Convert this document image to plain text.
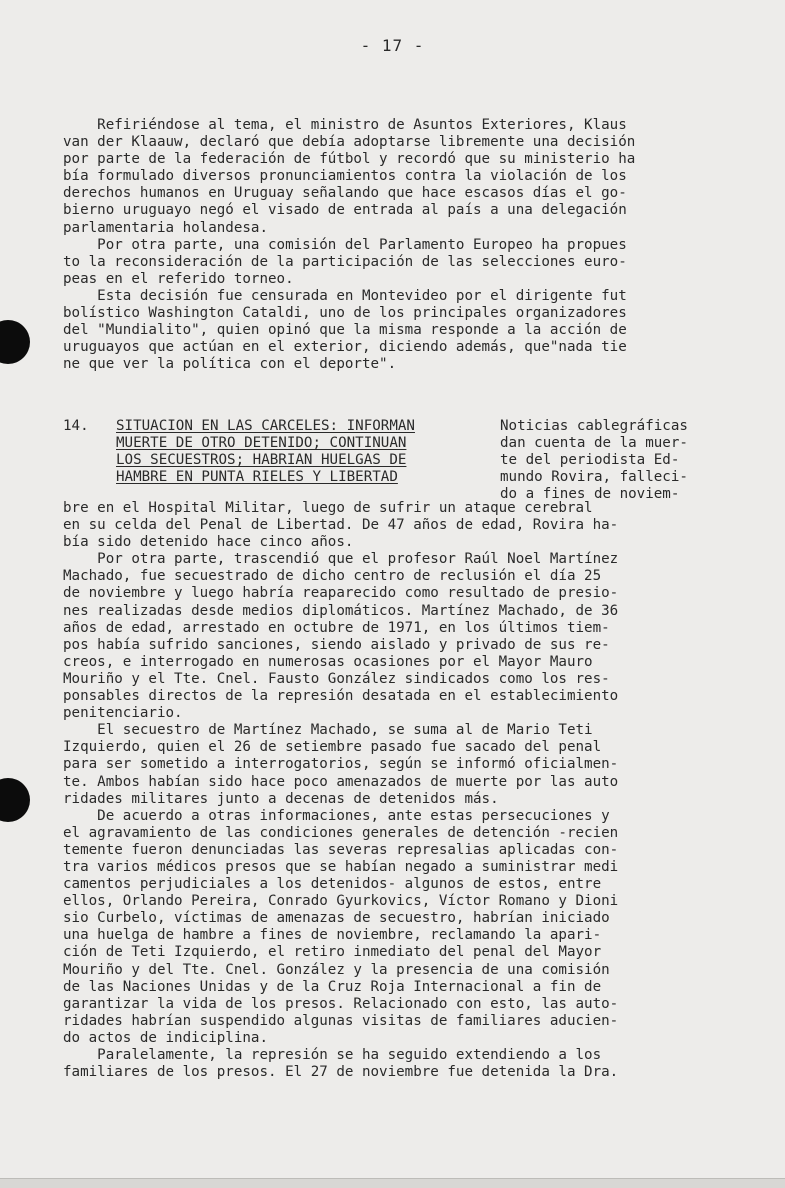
- 17 -

Refiriéndose al tema, el ministro de Asuntos Exteriores, Klaus
van der Klaauw, declaró que debía adoptarse libremente una decisión
por parte de la federación de fútbol y recordó que su ministerio ha
bía formulado diversos pronunciamientos contra la violación de los
derechos humanos en Uruguay señalando que hace escasos días el go-
bierno uruguayo negó el visado de entrada al país a una delegación
parlamentaria holandesa.
Por otra parte, una comisión del Parlamento Europeo ha propues
to la reconsideración de la participación de las selecciones euro-
peas en el referido torneo.
Esta decisión fue censurada en Montevideo por el dirigente fut
bolístico Washington Cataldi, uno de los principales organizadores
del "Mundialito", quien opinó que la misma responde a la acción de
uruguayos que actúan en el exterior, diciendo además, que"nada tie
ne que ver la política con el deporte".

14. SITUACION EN LAS CARCELES: INFORMAN
MUERTE DE OTRO DETENIDO; CONTINUAN
LOS SECUESTROS; HABRIAN HUELGAS DE
HAMBRE EN PUNTA RIELES Y LIBERTAD

Noticias cablegráficas
dan cuenta de la muer-
te del periodista Ed-
mundo Rovira, falleci-
do a fines de noviem-

bre en el Hospital Militar, luego de sufrir un ataque cerebral
en su celda del Penal de Libertad. De 47 años de edad, Rovira ha-
bía sido detenido hace cinco años.
Por otra parte, trascendió que el profesor Raúl Noel Martínez
Machado, fue secuestrado de dicho centro de reclusión el día 25
de noviembre y luego habría reaparecido como resultado de presio-
nes realizadas desde medios diplomáticos. Martínez Machado, de 36
años de edad, arrestado en octubre de 1971, en los últimos tiem-
pos había sufrido sanciones, siendo aislado y privado de sus re-
creos, e interrogado en numerosas ocasiones por el Mayor Mauro
Mouriño y el Tte. Cnel. Fausto González sindicados como los res-
ponsables directos de la represión desatada en el establecimiento
penitenciario.
El secuestro de Martínez Machado, se suma al de Mario Teti
Izquierdo, quien el 26 de setiembre pasado fue sacado del penal
para ser sometido a interrogatorios, según se informó oficialmen-
te. Ambos habían sido hace poco amenazados de muerte por las auto
ridades militares junto a decenas de detenidos más.
De acuerdo a otras informaciones, ante estas persecuciones y
el agravamiento de las condiciones generales de detención -recien
temente fueron denunciadas las severas represalias aplicadas con-
tra varios médicos presos que se habían negado a suministrar medi
camentos perjudiciales a los detenidos- algunos de estos, entre
ellos, Orlando Pereira, Conrado Gyurkovics, Víctor Romano y Dioni
sio Curbelo, víctimas de amenazas de secuestro, habrían iniciado
una huelga de hambre a fines de noviembre, reclamando la apari-
ción de Teti Izquierdo, el retiro inmediato del penal del Mayor
Mouriño y del Tte. Cnel. González y la presencia de una comisión
de las Naciones Unidas y de la Cruz Roja Internacional a fin de
garantizar la vida de los presos. Relacionado con esto, las auto-
ridades habrían suspendido algunas visitas de familiares aducien-
do actos de indiciplina.
Paralelamente, la represión se ha seguido extendiendo a los
familiares de los presos. El 27 de noviembre fue detenida la Dra.
